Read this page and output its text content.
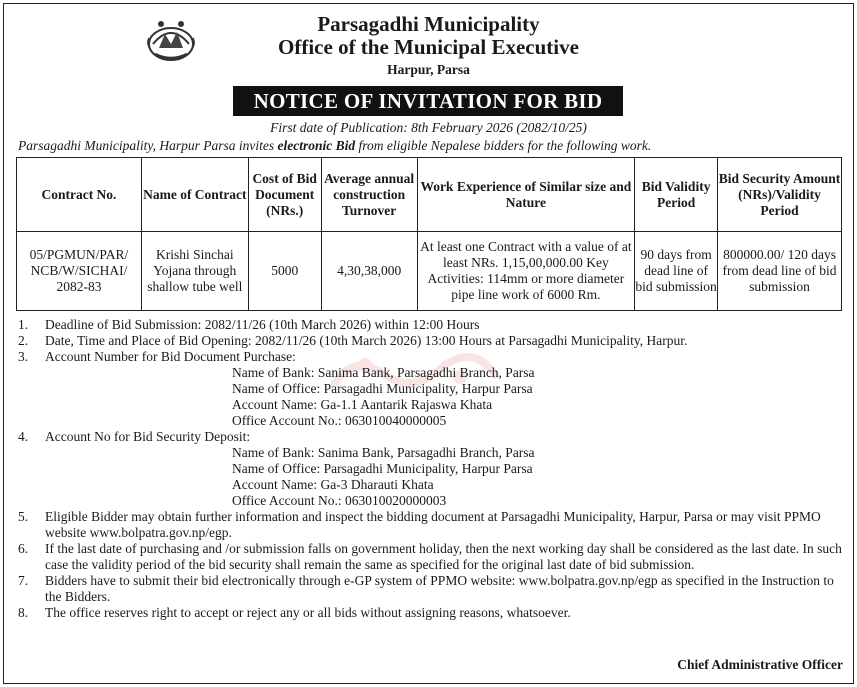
Parsagadhi Municipality
Office of the Municipal Executive
Harpur, Parsa
NOTICE OF INVITATION FOR BID
First date of Publication: 8th February 2026 (2082/10/25)
Parsagadhi Municipality, Harpur Parsa invites electronic Bid from eligible Nepalese bidders for the following work.
Contract No.	Name of Contract	Cost of Bid Document (NRs.)	Average annual construction Turnover	Work Experience of Similar size and Nature	Bid Validity Period	Bid Security Amount (NRs)/Validity Period
05/PGMUN/PAR/ NCB/W/SICHAI/ 2082-83	Krishi Sinchai Yojana through shallow tube well	5000	4,30,38,000	At least one Contract with a value of at least NRs. 1,15,00,000.00 Key Activities: 114mm or more diameter pipe line work of 6000 Rm.	90 days from dead line of bid submission	800000.00/ 120 days from dead line of bid submission
1. Deadline of Bid Submission: 2082/11/26 (10th March 2026) within 12:00 Hours
2. Date, Time and Place of Bid Opening: 2082/11/26 (10th March 2026) 13:00 Hours at Parsagadhi Municipality, Harpur.
3. Account Number for Bid Document Purchase:
Name of Bank: Sanima Bank, Parsagadhi Branch, Parsa
Name of Office: Parsagadhi Municipality, Harpur Parsa
Account Name: Ga-1.1 Aantarik Rajaswa Khata
Office Account No.: 063010040000005
4. Account No for Bid Security Deposit:
Name of Bank: Sanima Bank, Parsagadhi Branch, Parsa
Name of Office: Parsagadhi Municipality, Harpur Parsa
Account Name: Ga-3 Dharauti Khata
Office Account No.: 063010020000003
5. Eligible Bidder may obtain further information and inspect the bidding document at Parsagadhi Municipality, Harpur, Parsa or may visit PPMO website www.bolpatra.gov.np/egp.
6. If the last date of purchasing and /or submission falls on government holiday, then the next working day shall be considered as the last date. In such case the validity period of the bid security shall remain the same as specified for the original last date of bid submission.
7. Bidders have to submit their bid electronically through e-GP system of PPMO website: www.bolpatra.gov.np/egp as specified in the Instruction to the Bidders.
8. The office reserves right to accept or reject any or all bids without assigning reasons, whatsoever.
Chief Administrative Officer
